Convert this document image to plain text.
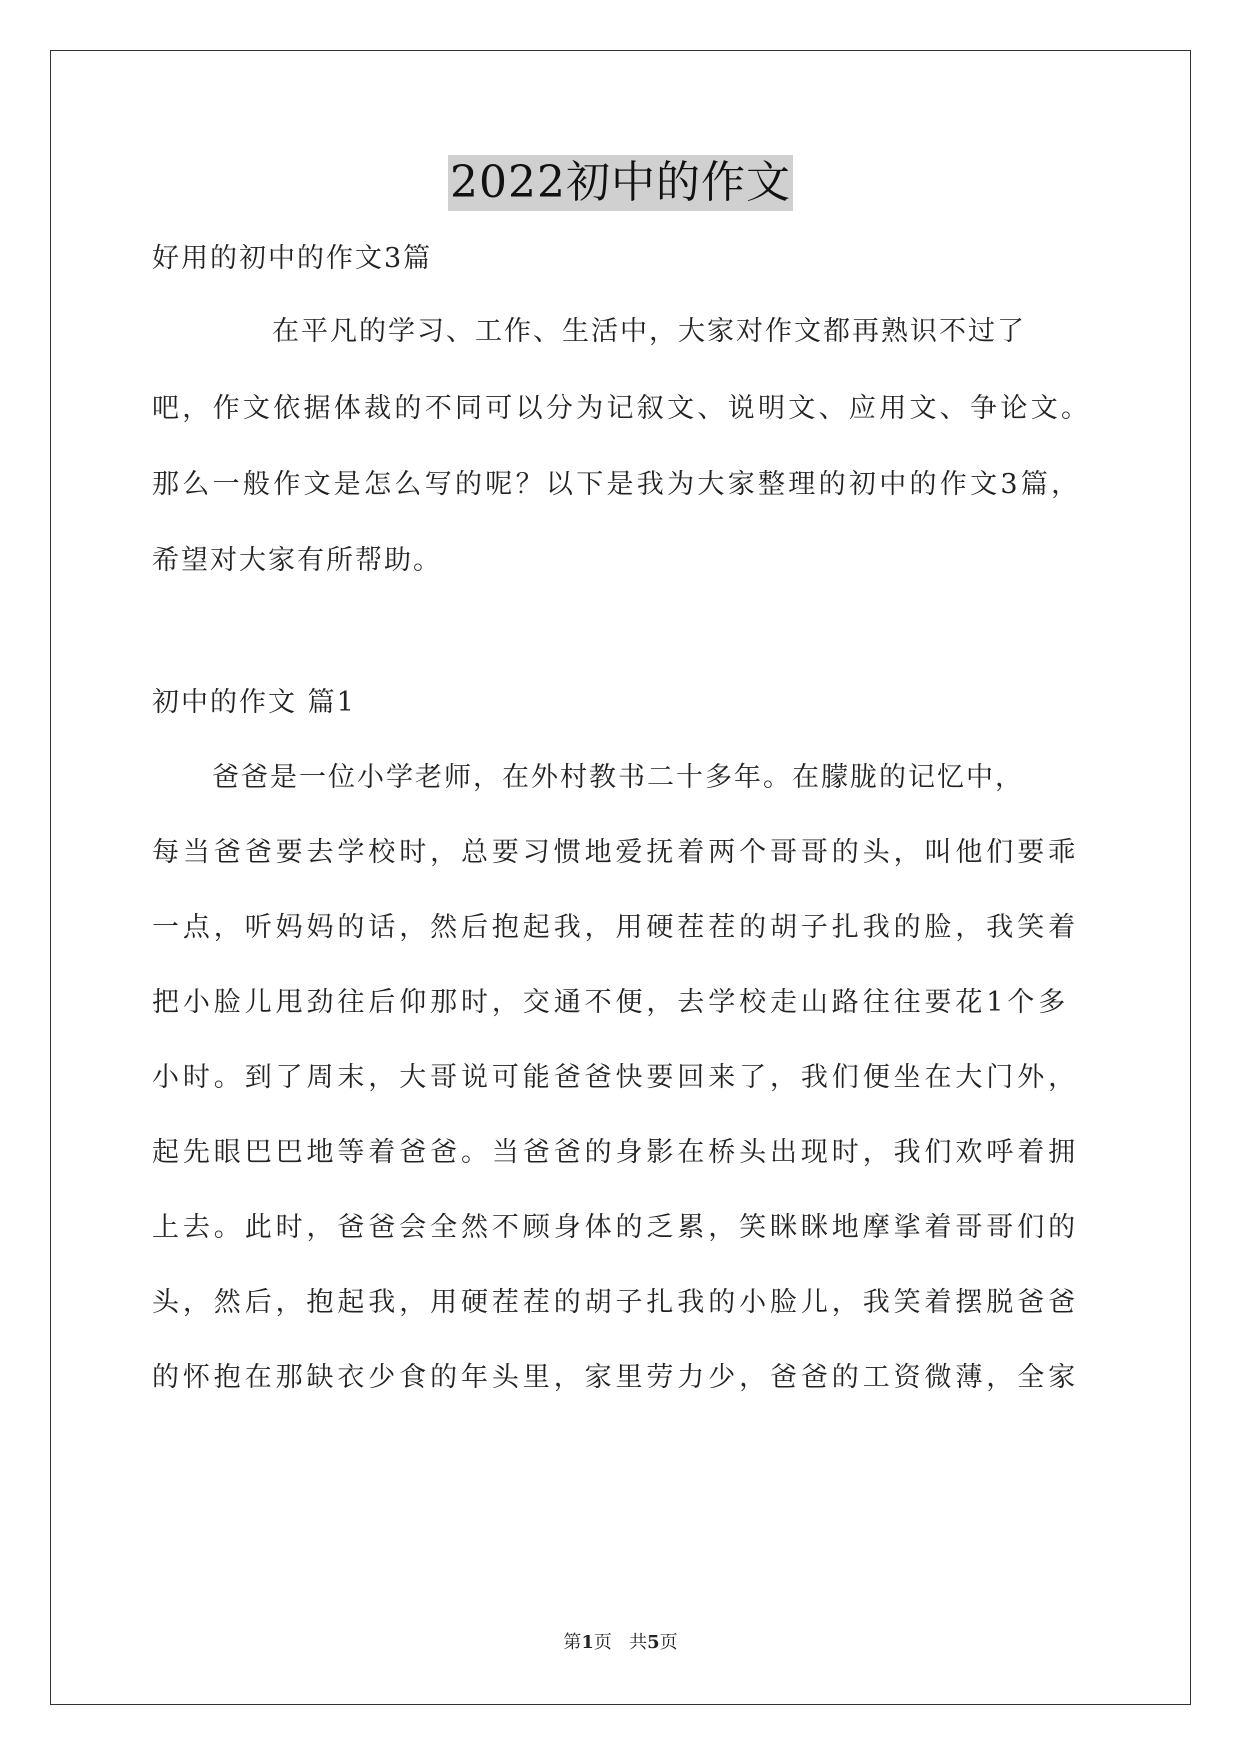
2022初中的作文
好用的初中的作文3篇
在平凡的学习、工作、生活中，大家对作文都再熟识不过了
吧，作文依据体裁的不同可以分为记叙文、说明文、应用文、争论文。
那么一般作文是怎么写的呢？以下是我为大家整理的初中的作文3篇，
希望对大家有所帮助。
初中的作文 篇1
爸爸是一位小学老师，在外村教书二十多年。在朦胧的记忆中，
每当爸爸要去学校时，总要习惯地爱抚着两个哥哥的头，叫他们要乖
一点，听妈妈的话，然后抱起我，用硬茬茬的胡子扎我的脸，我笑着
把小脸儿甩劲往后仰那时，交通不便，去学校走山路往往要花1个多
小时。到了周末，大哥说可能爸爸快要回来了，我们便坐在大门外，
起先眼巴巴地等着爸爸。当爸爸的身影在桥头出现时，我们欢呼着拥
上去。此时，爸爸会全然不顾身体的乏累，笑眯眯地摩挲着哥哥们的
头，然后，抱起我，用硬茬茬的胡子扎我的小脸儿，我笑着摆脱爸爸
的怀抱在那缺衣少食的年头里，家里劳力少，爸爸的工资微薄，全家
第1页 共5页
